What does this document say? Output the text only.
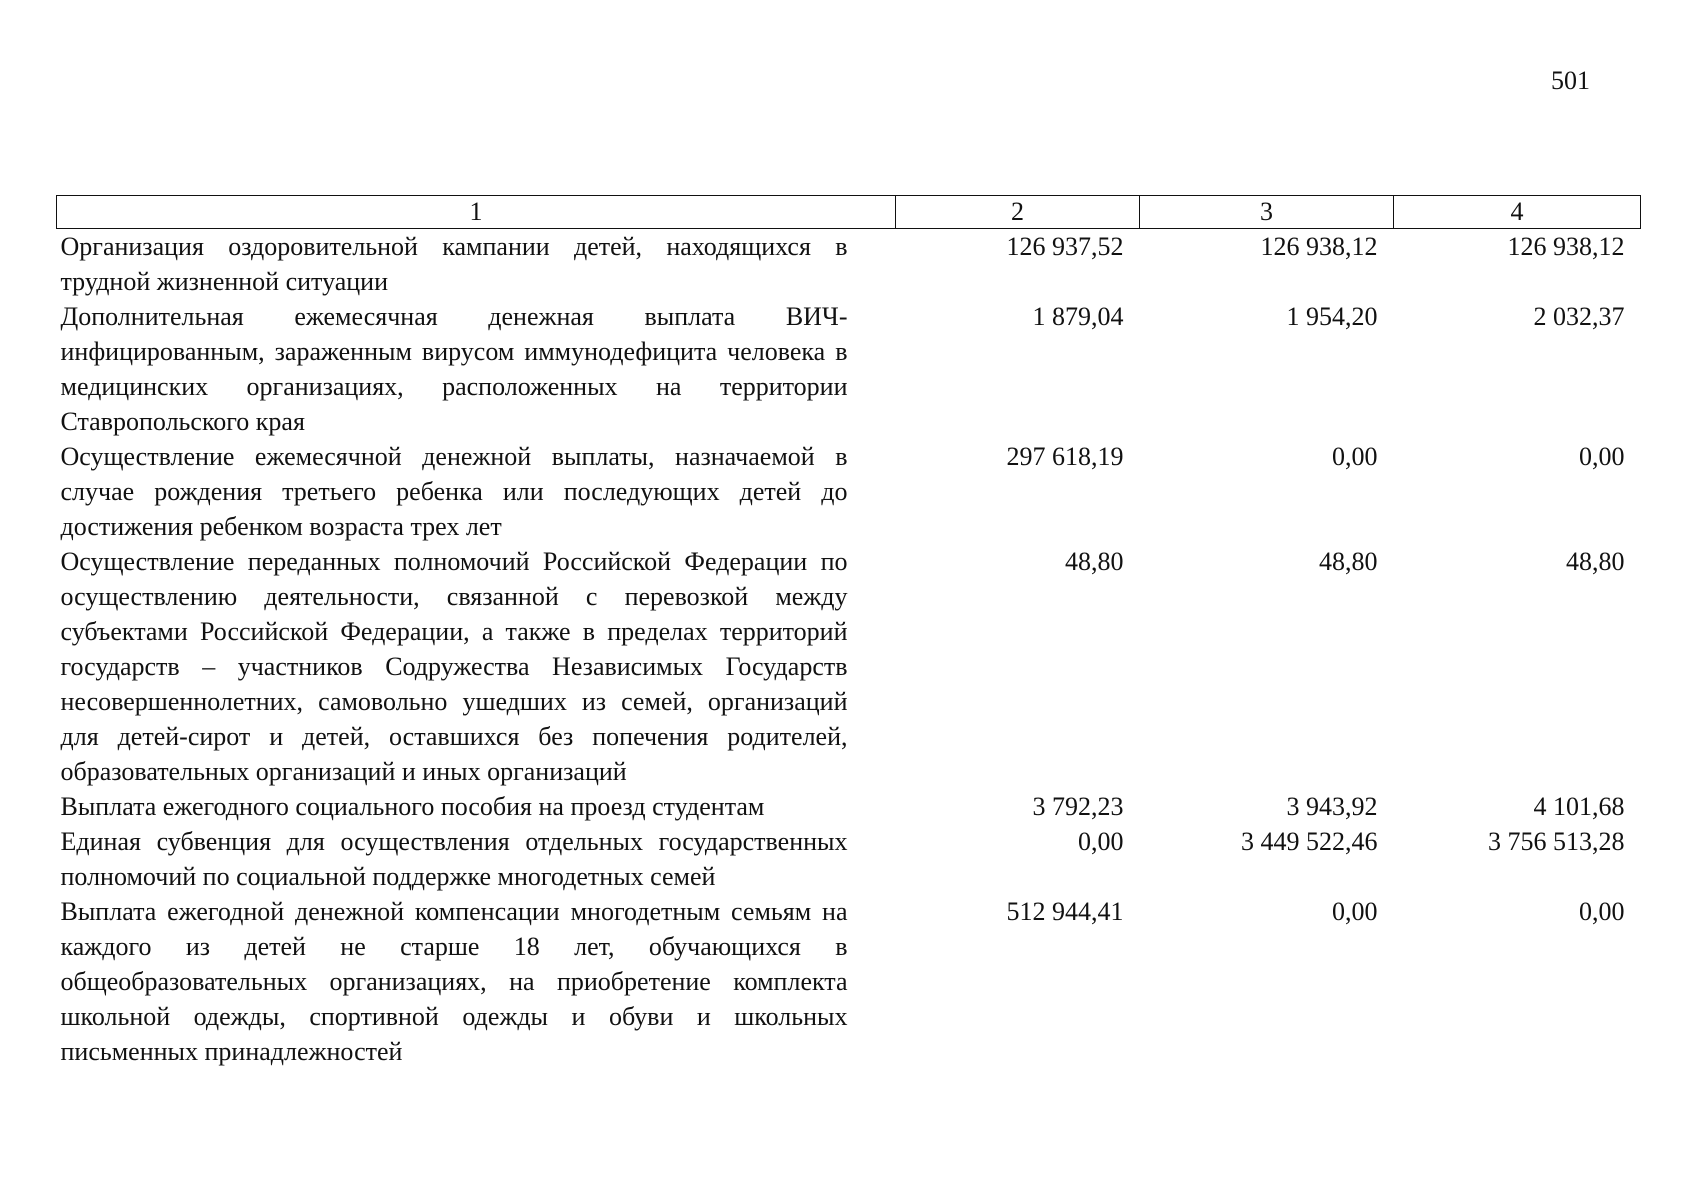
501
1	2	3	4
Организация оздоровительной кампании детей, находящихся в трудной жизненной ситуации	126 937,52	126 938,12	126 938,12
Дополнительная ежемесячная денежная выплата ВИЧ-инфицированным, зараженным вирусом иммунодефицита человека в медицинских организациях, расположенных на территории Ставропольского края	1 879,04	1 954,20	2 032,37
Осуществление ежемесячной денежной выплаты, назначаемой в случае рождения третьего ребенка или последующих детей до достижения ребенком возраста трех лет	297 618,19	0,00	0,00
Осуществление переданных полномочий Российской Федерации по осуществлению деятельности, связанной с перевозкой между субъектами Российской Федерации, а также в пределах территорий государств – участников Содружества Независимых Государств несовершеннолетних, самовольно ушедших из семей, организаций для детей-сирот и детей, оставшихся без попечения родителей, образовательных организаций и иных организаций	48,80	48,80	48,80
Выплата ежегодного социального пособия на проезд студентам	3 792,23	3 943,92	4 101,68
Единая субвенция для осуществления отдельных государственных полномочий по социальной поддержке многодетных семей	0,00	3 449 522,46	3 756 513,28
Выплата ежегодной денежной компенсации многодетным семьям на каждого из детей не старше 18 лет, обучающихся в общеобразовательных организациях, на приобретение комплекта школьной одежды, спортивной одежды и обуви и школьных письменных принадлежностей	512 944,41	0,00	0,00
